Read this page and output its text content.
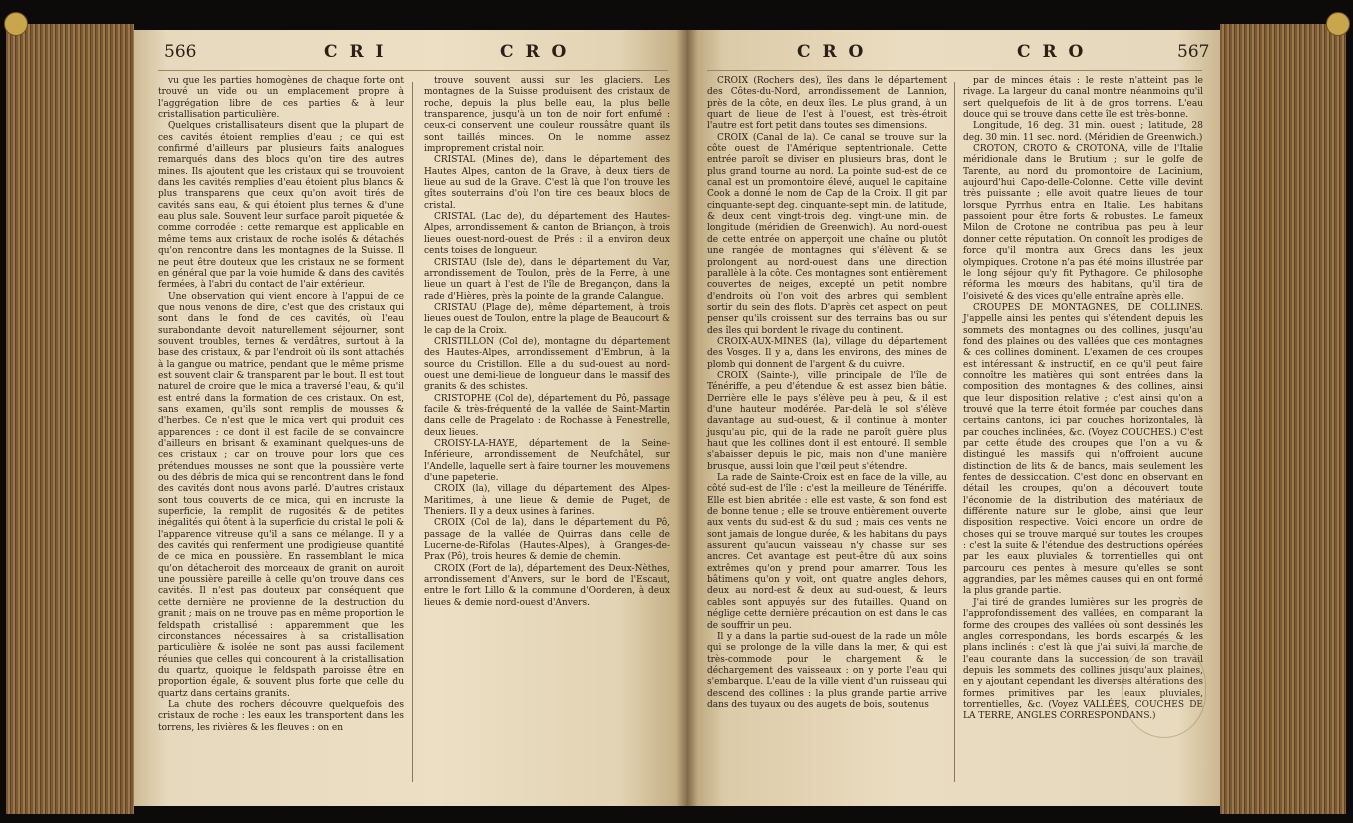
566	C R I	C R O

vu que les parties homogènes de chaque forte ont trouvé un vide ou un emplacement propre à l'aggrégation libre de ces parties & à leur cristallisation particulière.

Quelques cristallisateurs disent que la plupart de ces cavités étoient remplies d'eau ; ce qui est confirmé d'ailleurs par plusieurs faits analogues remarqués dans des blocs qu'on tire des autres mines. Ils ajoutent que les cristaux qui se trouvoient dans les cavités remplies d'eau étoient plus blancs & plus transparens que ceux qu'on avoit tirés de cavités sans eau, & qui étoient plus ternes & d'une eau plus sale. Souvent leur surface paroît piquetée & comme corrodée : cette remarque est applicable en même tems aux cristaux de roche isolés & détachés qu'on rencontre dans les montagnes de la Suisse. Il ne peut être douteux que les cristaux ne se forment en général que par la voie humide & dans des cavités fermées, à l'abri du contact de l'air extérieur.

Une observation qui vient encore à l'appui de ce que nous venons de dire, c'est que des cristaux qui sont dans le fond de ces cavités, où l'eau surabondante devoit naturellement séjourner, sont souvent troubles, ternes & verdâtres, surtout à la base des cristaux, & par l'endroit où ils sont attachés à la gangue ou matrice, pendant que le même prisme est souvent clair & transparent par le bout. Il est tout naturel de croire que le mica a traversé l'eau, & qu'il est entré dans la formation de ces cristaux. On est, sans examen, qu'ils sont remplis de mousses & d'herbes. Ce n'est que le mica vert qui produit ces apparences : ce dont il est facile de se convaincre d'ailleurs en brisant & examinant quelques-uns de ces cristaux ; car on trouve pour lors que ces prétendues mousses ne sont que la poussière verte ou des débris de mica qui se rencontrent dans le fond des cavités dont nous avons parlé. D'autres cristaux sont tous couverts de ce mica, qui en incruste la superficie, la remplit de rugosités & de petites inégalités qui ôtent à la superficie du cristal le poli & l'apparence vitreuse qu'il a sans ce mélange. Il y a des cavités qui renferment une prodigieuse quantité de ce mica en poussière. En rassemblant le mica qu'on détacheroit des morceaux de granit on auroit une poussière pareille à celle qu'on trouve dans ces cavités. Il n'est pas douteux par conséquent que cette dernière ne provienne de la destruction du granit ; mais on ne trouve pas en même proportion le feldspath cristallisé : apparemment que les circonstances nécessaires à sa cristallisation particulière & isolée ne sont pas aussi facilement réunies que celles qui concourent à la cristallisation du quartz, quoique le feldspath paroisse être en proportion égale, & souvent plus forte que celle du quartz dans certains granits.

La chute des rochers découvre quelquefois des cristaux de roche : les eaux les transportent dans les torrens, les rivières & les fleuves : on en

trouve souvent aussi sur les glaciers. Les montagnes de la Suisse produisent des cristaux de roche, depuis la plus belle eau, la plus belle transparence, jusqu'à un ton de noir fort enfumé : ceux-ci conservent une couleur roussâtre quant ils sont taillés minces. On le nomme assez improprement cristal noir.

CRISTAL (Mines de), dans le département des Hautes Alpes, canton de la Grave, à deux tiers de lieue au sud de la Grave. C'est là que l'on trouve les gîtes souterrains d'où l'on tire ces beaux blocs de cristal.

CRISTAL (Lac de), du département des Hautes-Alpes, arrondissement & canton de Briançon, à trois lieues ouest-nord-ouest de Prés : il a environ deux cents toises de longueur.

CRISTAU (Isle de), dans le département du Var, arrondissement de Toulon, près de la Ferre, à une lieue un quart à l'est de l'île de Bregançon, dans la rade d'Hières, près la pointe de la grande Calangue.

CRISTAU (Plage de), même département, à trois lieues ouest de Toulon, entre la plage de Beaucourt & le cap de la Croix.

CRISTILLON (Col de), montagne du département des Hautes-Alpes, arrondissement d'Embrun, à la source du Cristillon. Elle a du sud-ouest au nord-ouest une demi-lieue de longueur dans le massif des granits & des schistes.

CRISTOPHE (Col de), département du Pô, passage facile & très-fréquenté de la vallée de Saint-Martin dans celle de Pragelato : de Rochasse à Fenestrelle, deux lieues.

CROISY-LA-HAYE, département de la Seine-Inférieure, arrondissement de Neufchâtel, sur l'Andelle, laquelle sert à faire tourner les mouvemens d'une papeterie.

CROIX (la), village du département des Alpes-Maritimes, à une lieue & demie de Puget, de Theniers. Il y a deux usines à farines.

CROIX (Col de la), dans le département du Pô, passage de la vallée de Quirras dans celle de Lucerne-de-Rifolas (Hautes-Alpes), à Granges-de-Prax (Pô), trois heures & demie de chemin.

CROIX (Fort de la), département des Deux-Nèthes, arrondissement d'Anvers, sur le bord de l'Escaut, entre le fort Lillo & la commune d'Oorderen, à deux lieues & demie nord-ouest d'Anvers.

C R O	C R O	567

CROIX (Rochers des), îles dans le département des Côtes-du-Nord, arrondissement de Lannion, près de la côte, en deux îles. Le plus grand, à un quart de lieue de l'est à l'ouest, est très-étroit l'autre est fort petit dans toutes ses dimensions.

CROIX (Canal de la). Ce canal se trouve sur la côte ouest de l'Amérique septentrionale. Cette entrée paroît se diviser en plusieurs bras, dont le plus grand tourne au nord. La pointe sud-est de ce canal est un promontoire élevé, auquel le capitaine Cook a donné le nom de Cap de la Croix. Il git par cinquante-sept deg. cinquante-sept min. de latitude, & deux cent vingt-trois deg. vingt-une min. de longitude (méridien de Greenwich). Au nord-ouest de cette entrée on apperçoit une chaîne ou plutôt une rangée de montagnes qui s'élèvent & se prolongent au nord-ouest dans une direction parallèle à la côte. Ces montagnes sont entièrement couvertes de neiges, excepté un petit nombre d'endroits où l'on voit des arbres qui semblent sortir du sein des flots. D'après cet aspect on peut penser qu'ils croissent sur des terrains bas ou sur des îles qui bordent le rivage du continent.

CROIX-AUX-MINES (la), village du département des Vosges. Il y a, dans les environs, des mines de plomb qui donnent de l'argent & du cuivre.

CROIX (Sainte-), ville principale de l'île de Ténériffe, a peu d'étendue & est assez bien bâtie. Derrière elle le pays s'élève peu à peu, & il est d'une hauteur modérée. Par-delà le sol s'élève davantage au sud-ouest, & il continue à monter jusqu'au pic, qui de la rade ne paroît guère plus haut que les collines dont il est entouré. Il semble s'abaisser depuis le pic, mais non d'une manière brusque, aussi loin que l'œil peut s'étendre.

La rade de Sainte-Croix est en face de la ville, au côté sud-est de l'île : c'est la meilleure de Ténériffe. Elle est bien abritée : elle est vaste, & son fond est de bonne tenue ; elle se trouve entièrement ouverte aux vents du sud-est & du sud ; mais ces vents ne sont jamais de longue durée, & les habitans du pays assurent qu'aucun vaisseau n'y chasse sur ses ancres. Cet avantage est peut-être dû aux soins extrêmes qu'on y prend pour amarrer. Tous les bâtimens qu'on y voit, ont quatre angles dehors, deux au nord-est & deux au sud-ouest, & leurs cables sont appuyés sur des futailles. Quand on néglige cette dernière précaution on est dans le cas de souffrir un peu.

Il y a dans la partie sud-ouest de la rade un môle qui se prolonge de la ville dans la mer, & qui est très-commode pour le chargement & le déchargement des vaisseaux : on y porte l'eau qui s'embarque. L'eau de la ville vient d'un ruisseau qui descend des collines : la plus grande partie arrive dans des tuyaux ou des augets de bois, soutenus

par de minces étais : le reste n'atteint pas le rivage. La largeur du canal montre néanmoins qu'il sert quelquefois de lit à de gros torrens. L'eau douce qui se trouve dans cette île est très-bonne.

Longitude, 16 deg. 31 min. ouest ; latitude, 28 deg. 30 min. 11 sec. nord. (Méridien de Greenwich.)

CROTON, CROTO & CROTONA, ville de l'Italie méridionale dans le Brutium ; sur le golfe de Tarente, au nord du promontoire de Lacinium, aujourd'hui Capo-delle-Colonne. Cette ville devint très puissante ; elle avoit quatre lieues de tour lorsque Pyrrhus entra en Italie. Les habitans passoient pour être forts & robustes. Le fameux Milon de Crotone ne contribua pas peu à leur donner cette réputation. On connoît les prodiges de force qu'il montra aux Grecs dans les jeux olympiques. Crotone n'a pas été moins illustrée par le long séjour qu'y fit Pythagore. Ce philosophe réforma les mœurs des habitans, qu'il tira de l'oisiveté & des vices qu'elle entraîne après elle.

CROUPES DE MONTAGNES, DE COLLINES. J'appelle ainsi les pentes qui s'étendent depuis les sommets des montagnes ou des collines, jusqu'au fond des plaines ou des vallées que ces montagnes & ces collines dominent. L'examen de ces croupes est intéressant & instructif, en ce qu'il peut faire connoître les matières qui sont entrées dans la composition des montagnes & des collines, ainsi que leur disposition relative ; c'est ainsi qu'on a trouvé que la terre étoit formée par couches dans certains cantons, ici par couches horizontales, là par couches inclinées, &c. (Voyez COUCHES.) C'est par cette étude des croupes que l'on a vu & distingué les massifs qui n'offroient aucune distinction de lits & de bancs, mais seulement les fentes de dessiccation. C'est donc en observant en détail les croupes, qu'on a découvert toute l'économie de la distribution des matériaux de différente nature sur le globe, ainsi que leur disposition respective. Voici encore un ordre de choses qui se trouve marqué sur toutes les croupes : c'est la suite & l'étendue des destructions opérées par les eaux pluviales & torrentielles qui ont parcouru ces pentes à mesure qu'elles se sont aggrandies, par les mêmes causes qui en ont formé la plus grande partie.

J'ai tiré de grandes lumières sur les progrès de l'approfondissement des vallées, en comparant la forme des croupes des vallées où sont dessinés les angles correspondans, les bords escarpés & les plans inclinés : c'est là que j'ai suivi la marche de l'eau courante dans la succession de son travail depuis les sommets des collines jusqu'aux plaines, en y ajoutant cependant les diverses altérations des formes primitives par les eaux pluviales, torrentielles, &c. (Voyez VALLÉES, COUCHES DE LA TERRE, ANGLES CORRESPONDANS.)
